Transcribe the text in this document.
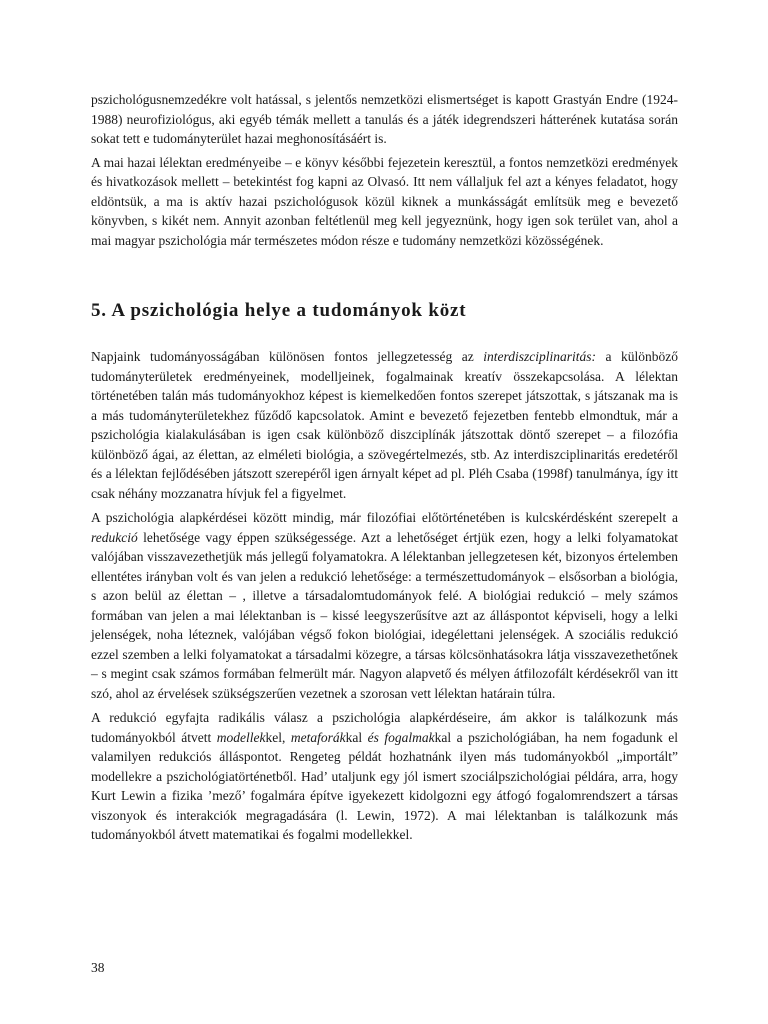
pszichológusnemzedékre volt hatással, s jelentős nemzetközi elismertséget is kapott Grastyán Endre (1924-1988) neurofiziológus, aki egyéb témák mellett a tanulás és a játék idegrendszeri hátterének kutatása során sokat tett e tudományterület hazai meghonosításáért is.

A mai hazai lélektan eredményeibe – e könyv későbbi fejezetein keresztül, a fontos nemzetközi eredmények és hivatkozások mellett – betekintést fog kapni az Olvasó. Itt nem vállaljuk fel azt a kényes feladatot, hogy eldöntsük, a ma is aktív hazai pszichológusok közül kiknek a munkásságát említsük meg e bevezető könyvben, s kikét nem. Annyit azonban feltétlenül meg kell jegyeznünk, hogy igen sok terület van, ahol a mai magyar pszichológia már természetes módon része e tudomány nemzetközi közösségének.

5. A pszichológia helye a tudományok közt

Napjaink tudományosságában különösen fontos jellegzetesség az interdiszciplinaritás: a különböző tudományterületek eredményeinek, modelljeinek, fogalmainak kreatív összekapcsolása. A lélektan történetében talán más tudományokhoz képest is kiemelkedően fontos szerepet játszottak, s játszanak ma is a más tudományterületekhez fűződő kapcsolatok. Amint e bevezető fejezetben fentebb elmondtuk, már a pszichológia kialakulásában is igen csak különböző diszciplínák játszottak döntő szerepet – a filozófia különböző ágai, az élettan, az elméleti biológia, a szövegértelmezés, stb. Az interdiszciplinaritás eredetéről és a lélektan fejlődésében játszott szerepéről igen árnyalt képet ad pl. Pléh Csaba (1998f) tanulmánya, így itt csak néhány mozzanatra hívjuk fel a figyelmet.

A pszichológia alapkérdései között mindig, már filozófiai előtörténetében is kulcskérdésként szerepelt a redukció lehetősége vagy éppen szükségessége. Azt a lehetőséget értjük ezen, hogy a lelki folyamatokat valójában visszavezethetjük más jellegű folyamatokra. A lélektanban jellegzetesen két, bizonyos értelemben ellentétes irányban volt és van jelen a redukció lehetősége: a természettudományok – elsősorban a biológia, s azon belül az élettan – , illetve a társadalomtudományok felé. A biológiai redukció – mely számos formában van jelen a mai lélektanban is – kissé leegyszerűsítve azt az álláspontot képviseli, hogy a lelki jelenségek, noha léteznek, valójában végső fokon biológiai, idegélettani jelenségek. A szociális redukció ezzel szemben a lelki folyamatokat a társadalmi közegre, a társas kölcsönhatásokra látja visszavezethetőnek – s megint csak számos formában felmerült már. Nagyon alapvető és mélyen átfilozofált kérdésekről van itt szó, ahol az érvelések szükségszerűen vezetnek a szorosan vett lélektan határain túlra.

A redukció egyfajta radikális válasz a pszichológia alapkérdéseire, ám akkor is találkozunk más tudományokból átvett modellekkel, metaforákkal és fogalmakkal a pszichológiában, ha nem fogadunk el valamilyen redukciós álláspontot. Rengeteg példát hozhatnánk ilyen más tudományokból „importált” modellekre a pszichológiatörténetből. Had’ utaljunk egy jól ismert szociálpszichológiai példára, arra, hogy Kurt Lewin a fizika ’mező’ fogalmára építve igyekezett kidolgozni egy átfogó fogalomrendszert a társas viszonyok és interakciók megragadására (l. Lewin, 1972). A mai lélektanban is találkozunk más tudományokból átvett matematikai és fogalmi modellekkel.

38
